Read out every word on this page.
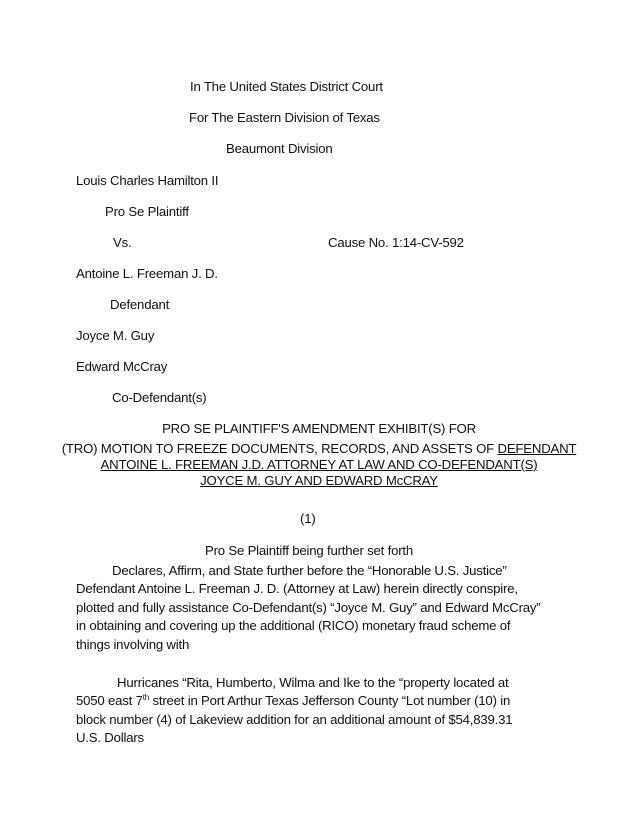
In The United States District Court
For The Eastern Division of Texas
Beaumont Division
Louis Charles Hamilton II
Pro Se Plaintiff
Vs.	Cause No. 1:14-CV-592
Antoine L. Freeman J. D.
Defendant
Joyce M. Guy
Edward McCray
Co-Defendant(s)
PRO SE PLAINTIFF'S AMENDMENT EXHIBIT(S) FOR
(TRO) MOTION TO FREEZE DOCUMENTS, RECORDS, AND ASSETS OF DEFENDANT
ANTOINE L. FREEMAN J.D. ATTORNEY AT LAW AND CO-DEFENDANT(S)
JOYCE M. GUY AND EDWARD McCRAY
(1)
Pro Se Plaintiff being further set forth
Declares, Affirm, and State further before the “Honorable U.S. Justice”
Defendant Antoine L. Freeman J. D. (Attorney at Law) herein directly conspire,
plotted and fully assistance Co-Defendant(s) “Joyce M. Guy” and Edward McCray”
in obtaining and covering up the additional (RICO) monetary fraud scheme of
things involving with
Hurricanes “Rita, Humberto, Wilma and Ike to the “property located at
5050 east 7th street in Port Arthur Texas Jefferson County “Lot number (10) in
block number (4) of Lakeview addition for an additional amount of $54,839.31
U.S. Dollars
